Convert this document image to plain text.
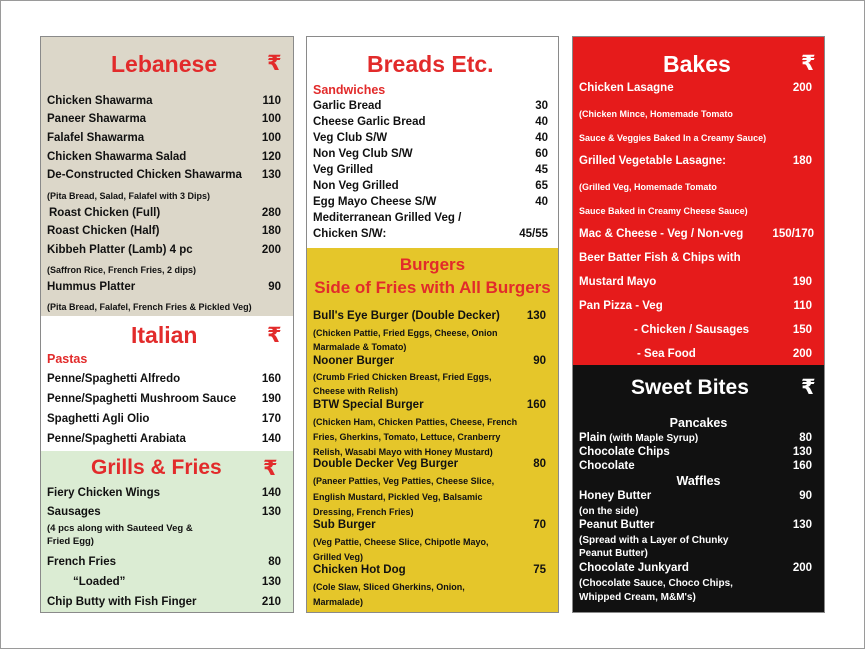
Lebanese ₹
Chicken Shawarma	110
Paneer Shawarma	100
Falafel Shawarma	100
Chicken Shawarma Salad	120
De-Constructed Chicken Shawarma 130
(Pita Bread, Salad, Falafel with 3 Dips)
Roast Chicken (Full)	280
Roast Chicken (Half)	180
Kibbeh Platter (Lamb) 4 pc	200
(Saffron Rice, French Fries, 2 dips)
Hummus Platter	90
(Pita Bread, Falafel, French Fries & Pickled Veg)
Italian	₹
Pastas
Penne/Spaghetti Alfredo	160
Penne/Spaghetti Mushroom Sauce 190
Spaghetti Agli Olio	170
Penne/Spaghetti Arabiata	140
Grills & Fries ₹
Fiery Chicken Wings	140
Sausages	130
(4 pcs along with Sauteed Veg &
Fried Egg)
French Fries	80
“Loaded”	130
Chip Butty with Fish Finger	210
Breads Etc.
Sandwiches
Garlic Bread	30
Cheese Garlic Bread	40
Veg Club S/W	40
Non Veg Club S/W	60
Veg Grilled	45
Non Veg Grilled	65
Egg Mayo Cheese S/W	40
Mediterranean Grilled Veg /
Chicken S/W:	45/55
Burgers
Side of Fries with All Burgers
Bull's Eye Burger (Double Decker) 130
(Chicken Pattie, Fried Eggs, Cheese, Onion
Marmalade & Tomato)
Nooner Burger	90
(Crumb Fried Chicken Breast, Fried Eggs,
Cheese with Relish)
BTW Special Burger	160
(Chicken Ham, Chicken Patties, Cheese, French
Fries, Gherkins, Tomato, Lettuce, Cranberry
Relish, Wasabi Mayo with Honey Mustard)
Double Decker Veg Burger	80
(Paneer Patties, Veg Patties, Cheese Slice,
English Mustard, Pickled Veg, Balsamic
Dressing, French Fries)
Sub Burger	70
(Veg Pattie, Cheese Slice, Chipotle Mayo,
Grilled Veg)
Chicken Hot Dog	75
(Cole Slaw, Sliced Gherkins, Onion,
Marmalade)
Bakes	₹
Chicken Lasagne	200
(Chicken Mince, Homemade Tomato
Sauce & Veggies Baked In a Creamy Sauce)
Grilled Vegetable Lasagne:	180
(Grilled Veg, Homemade Tomato
Sauce Baked in Creamy Cheese Sauce)
Mac & Cheese - Veg / Non-veg	150/170
Beer Batter Fish & Chips with
Mustard Mayo	190
Pan Pizza - Veg	110
- Chicken / Sausages	150
- Sea Food	200
Sweet Bites ₹
Pancakes
Plain (with Maple Syrup)	80
Chocolate Chips	130
Chocolate	160
Waffles
Honey Butter	90
(on the side)
Peanut Butter	130
(Spread with a Layer of Chunky
Peanut Butter)
Chocolate Junkyard	200
(Chocolate Sauce, Choco Chips,
Whipped Cream, M&M's)
